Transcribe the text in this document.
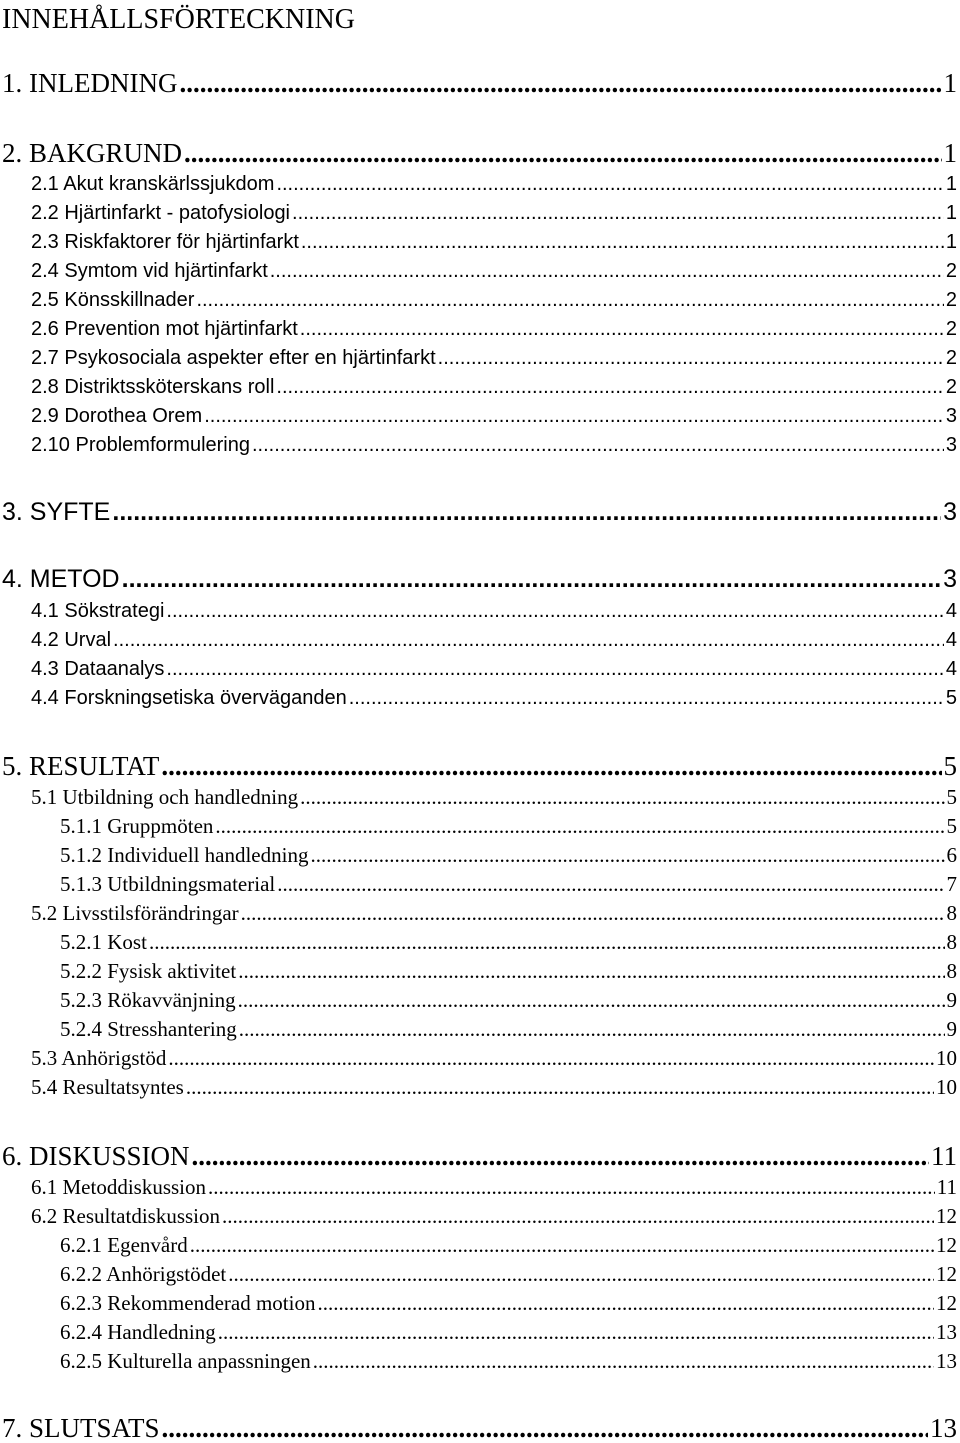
INNEHÅLLSFÖRTECKNING
1. INLEDNING .....	1
2. BAKGRUND .....	1
2.1 Akut kranskärlssjukdom .....	1
2.2 Hjärtinfarkt - patofysiologi .....	1
2.3 Riskfaktorer för hjärtinfarkt .....	1
2.4 Symtom vid hjärtinfarkt .....	2
2.5 Könsskillnader .....	2
2.6 Prevention mot hjärtinfarkt .....	2
2.7 Psykosociala aspekter efter en hjärtinfarkt .....	2
2.8 Distriktssköterskans roll .....	2
2.9 Dorothea Orem .....	3
2.10 Problemformulering .....	3
3. SYFTE .....	3
4. METOD .....	3
4.1 Sökstrategi .....	4
4.2 Urval .....	4
4.3 Dataanalys .....	4
4.4 Forskningsetiska överväganden .....	5
5. RESULTAT .....	5
5.1 Utbildning och handledning .....	5
5.1.1 Gruppmöten .....	5
5.1.2 Individuell handledning .....	6
5.1.3 Utbildningsmaterial .....	7
5.2 Livsstilsförändringar .....	8
5.2.1 Kost .....	8
5.2.2 Fysisk aktivitet .....	8
5.2.3 Rökavvänjning .....	9
5.2.4 Stresshantering .....	9
5.3 Anhörigstöd .....	10
5.4 Resultatsyntes .....	10
6. DISKUSSION .....	11
6.1 Metoddiskussion .....	11
6.2 Resultatdiskussion .....	12
6.2.1 Egenvård .....	12
6.2.2 Anhörigstödet .....	12
6.2.3 Rekommenderad motion .....	12
6.2.4 Handledning .....	13
6.2.5 Kulturella anpassningen .....	13
7. SLUTSATS .....	13
